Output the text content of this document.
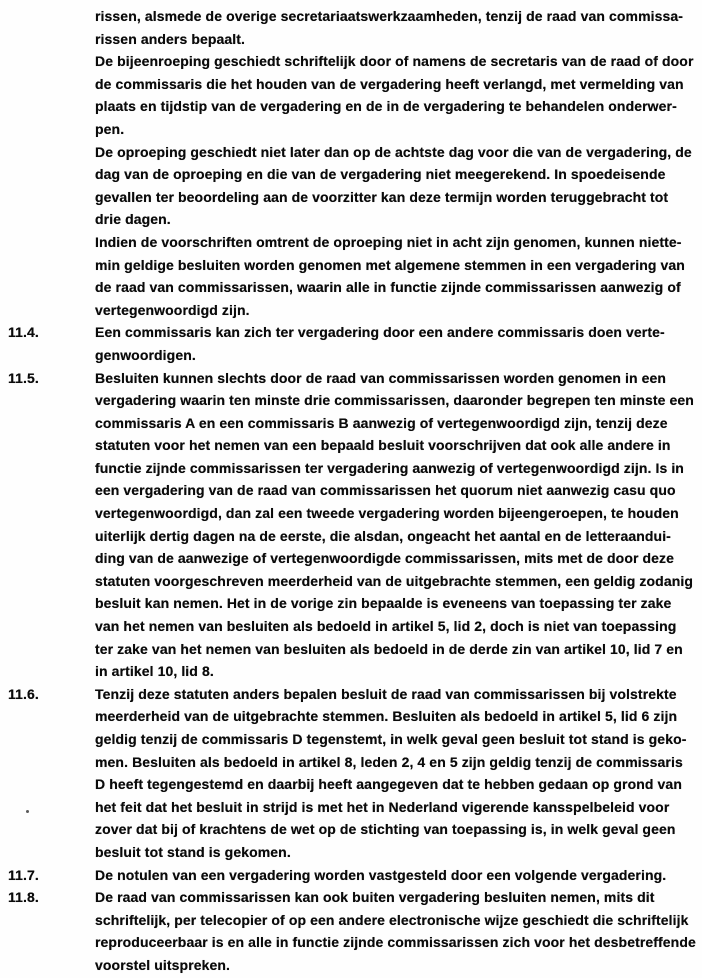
rissen, alsmede de overige secretariaatswerkzaamheden, tenzij de raad van commissa-
rissen anders bepaalt.
De bijeenroeping geschiedt schriftelijk door of namens de secretaris van de raad of door
de commissaris die het houden van de vergadering heeft verlangd, met vermelding van
plaats en tijdstip van de vergadering en de in de vergadering te behandelen onderwer-
pen.
De oproeping geschiedt niet later dan op de achtste dag voor die van de vergadering, de
dag van de oproeping en die van de vergadering niet meegerekend. In spoedeisende
gevallen ter beoordeling aan de voorzitter kan deze termijn worden teruggebracht tot
drie dagen.
Indien de voorschriften omtrent de oproeping niet in acht zijn genomen, kunnen niette-
min geldige besluiten worden genomen met algemene stemmen in een vergadering van
de raad van commissarissen, waarin alle in functie zijnde commissarissen aanwezig of
vertegenwoordigd zijn.
11.4.	Een commissaris kan zich ter vergadering door een andere commissaris doen verte-
genwoordigen.
11.5.	Besluiten kunnen slechts door de raad van commissarissen worden genomen in een
vergadering waarin ten minste drie commissarissen, daaronder begrepen ten minste een
commissaris A en een commissaris B aanwezig of vertegenwoordigd zijn, tenzij deze
statuten voor het nemen van een bepaald besluit voorschrijven dat ook alle andere in
functie zijnde commissarissen ter vergadering aanwezig of vertegenwoordigd zijn. Is in
een vergadering van de raad van commissarissen het quorum niet aanwezig casu quo
vertegenwoordigd, dan zal een tweede vergadering worden bijeengeroepen, te houden
uiterlijk dertig dagen na de eerste, die alsdan, ongeacht het aantal en de letteraandui-
ding van de aanwezige of vertegenwoordigde commissarissen, mits met de door deze
statuten voorgeschreven meerderheid van de uitgebrachte stemmen, een geldig zodanig
besluit kan nemen. Het in de vorige zin bepaalde is eveneens van toepassing ter zake
van het nemen van besluiten als bedoeld in artikel 5, lid 2, doch is niet van toepassing
ter zake van het nemen van besluiten als bedoeld in de derde zin van artikel 10, lid 7 en
in artikel 10, lid 8.
11.6.	Tenzij deze statuten anders bepalen besluit de raad van commissarissen bij volstrekte
meerderheid van de uitgebrachte stemmen. Besluiten als bedoeld in artikel 5, lid 6 zijn
geldig tenzij de commissaris D tegenstemt, in welk geval geen besluit tot stand is geko-
men. Besluiten als bedoeld in artikel 8, leden 2, 4 en 5 zijn geldig tenzij de commissaris
D heeft tegengestemd en daarbij heeft aangegeven dat te hebben gedaan op grond van
het feit dat het besluit in strijd is met het in Nederland vigerende kansspelbeleid voor
zover dat bij of krachtens de wet op de stichting van toepassing is, in welk geval geen
besluit tot stand is gekomen.
11.7.	De notulen van een vergadering worden vastgesteld door een volgende vergadering.
11.8.	De raad van commissarissen kan ook buiten vergadering besluiten nemen, mits dit
schriftelijk, per telecopier of op een andere electronische wijze geschiedt die schriftelijk
reproduceerbaar is en alle in functie zijnde commissarissen zich voor het desbetreffende
voorstel uitspreken.
